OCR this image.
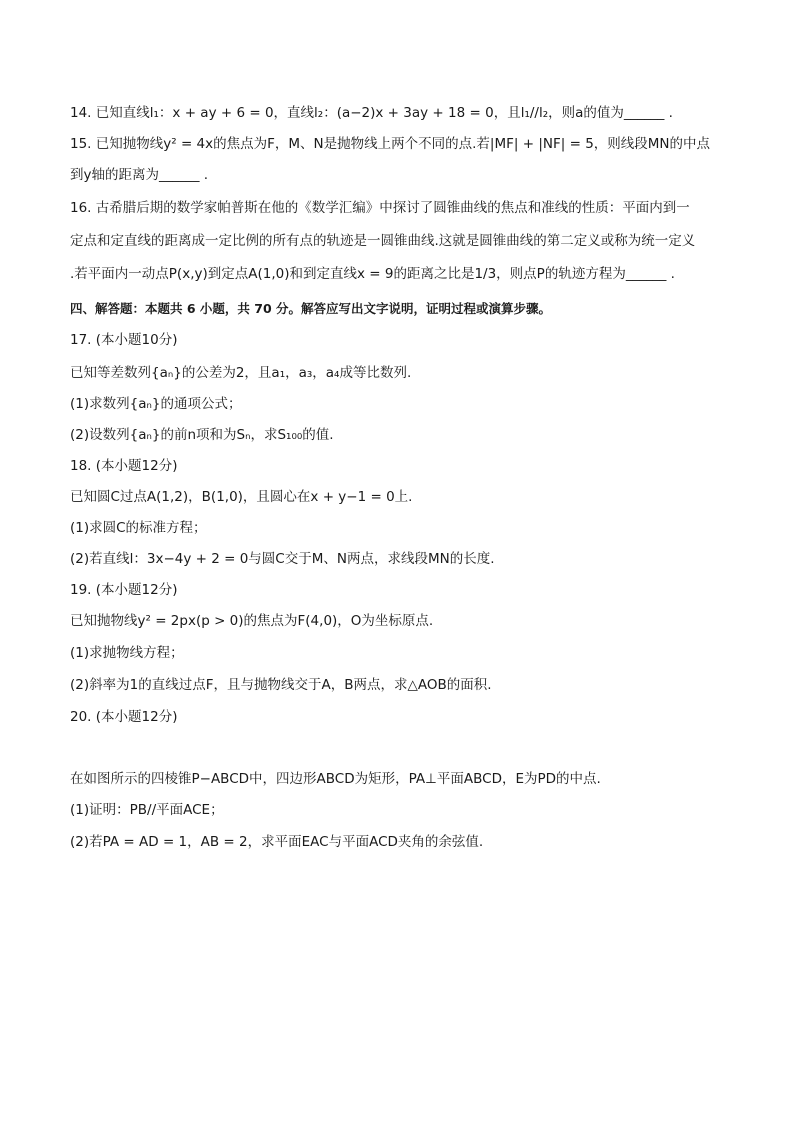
14. 已知直线l₁：x + ay + 6 = 0，直线l₂：(a−2)x + 3ay + 18 = 0，且l₁//l₂，则a的值为______ .
15. 已知抛物线y² = 4x的焦点为F，M、N是抛物线上两个不同的点.若|MF| + |NF| = 5，则线段MN的中点
到y轴的距离为______ .
16. 古希腊后期的数学家帕普斯在他的《数学汇编》中探讨了圆锥曲线的焦点和准线的性质：平面内到一
定点和定直线的距离成一定比例的所有点的轨迹是一圆锥曲线.这就是圆锥曲线的第二定义或称为统一定义
.若平面内一动点P(x,y)到定点A(1,0)和到定直线x = 9的距离之比是1/3，则点P的轨迹方程为______ .
四、解答题：本题共 6 小题，共 70 分。解答应写出文字说明，证明过程或演算步骤。
17. (本小题10分)
已知等差数列{aₙ}的公差为2，且a₁，a₃，a₄成等比数列.
(1)求数列{aₙ}的通项公式；
(2)设数列{aₙ}的前n项和为Sₙ，求S₁₀₀的值.
18. (本小题12分)
已知圆C过点A(1,2)，B(1,0)，且圆心在x + y−1 = 0上.
(1)求圆C的标准方程；
(2)若直线l：3x−4y + 2 = 0与圆C交于M、N两点，求线段MN的长度.
19. (本小题12分)
已知抛物线y² = 2px(p > 0)的焦点为F(4,0)，O为坐标原点.
(1)求抛物线方程；
(2)斜率为1的直线过点F，且与抛物线交于A，B两点，求△AOB的面积.
20. (本小题12分)
在如图所示的四棱锥P−ABCD中，四边形ABCD为矩形，PA⊥平面ABCD，E为PD的中点.
(1)证明：PB//平面ACE；
(2)若PA = AD = 1，AB = 2，求平面EAC与平面ACD夹角的余弦值.
